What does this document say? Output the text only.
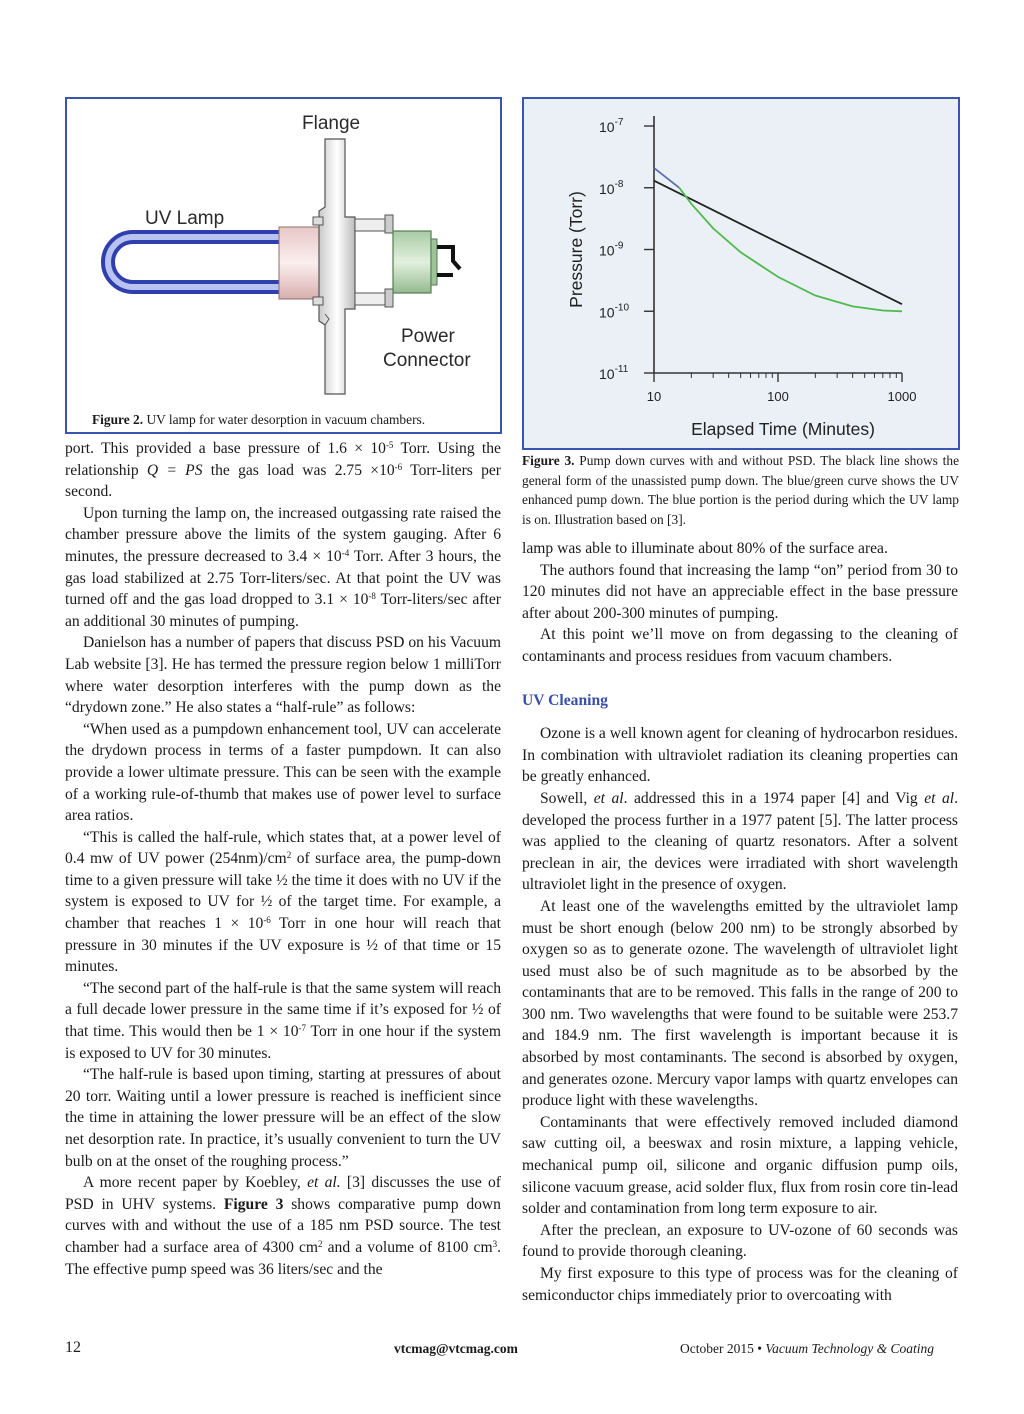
Flange
UV Lamp
Power
Connector
Figure 2. UV lamp for water desorption in vacuum chambers.
10	100	1000
$10^{-7}$
$10^{-8}$
$10^{-9}$
$10^{-10}$
$10^{-11}$
Elapsed Time (Minutes)
Pressure (Torr)
Figure 3. Pump down curves with and without PSD. The black line shows the general form of the unassisted pump down. The blue/green curve shows the UV enhanced pump down. The blue portion is the period during which the UV lamp is on. Illustration based on [3].

port. This provided a base pressure of $1.6 \times 10^{-5}$ Torr. Using the relationship Q = PS the gas load was $2.75 \times 10^{-6}$ Torr-liters per second.

Upon turning the lamp on, the increased outgassing rate raised the chamber pressure above the limits of the system gauging. After 6 minutes, the pressure decreased to $3.4 \times 10^{-4}$ Torr. After 3 hours, the gas load stabilized at 2.75 Torr-liters/sec. At that point the UV was turned off and the gas load dropped to $3.1 \times 10^{-8}$ Torr-liters/sec after an additional 30 minutes of pumping.

Danielson has a number of papers that discuss PSD on his Vacuum Lab website [3]. He has termed the pressure region below 1 milliTorr where water desorption interferes with the pump down as the “drydown zone.” He also states a “half-rule” as follows:

“When used as a pumpdown enhancement tool, UV can accelerate the drydown process in terms of a faster pumpdown. It can also provide a lower ultimate pressure. This can be seen with the example of a working rule-of-thumb that makes use of power level to surface area ratios.

“This is called the half-rule, which states that, at a power level of 0.4 mw of UV power $(254nm)/cm^2$ of surface area, the pump-down time to a given pressure will take ½ the time it does with no UV if the system is exposed to UV for ½ of the target time. For example, a chamber that reaches $1 \times 10^{-6}$ Torr in one hour will reach that pressure in 30 minutes if the UV exposure is ½ of that time or 15 minutes.

“The second part of the half-rule is that the same system will reach a full decade lower pressure in the same time if it’s exposed for ½ of that time. This would then be $1 \times 10^{-7}$ Torr in one hour if the system is exposed to UV for 30 minutes.

“The half-rule is based upon timing, starting at pressures of about 20 torr. Waiting until a lower pressure is reached is inefficient since the time in attaining the lower pressure will be an effect of the slow net desorption rate. In practice, it’s usually convenient to turn the UV bulb on at the onset of the roughing process.”

A more recent paper by Koebley, et al. [3] discusses the use of PSD in UHV systems. Figure 3 shows comparative pump down curves with and without the use of a 185 nm PSD source. The test chamber had a surface area of 4300 $cm^2$ and a volume of 8100 $cm^3$. The effective pump speed was 36 liters/sec and the

lamp was able to illuminate about 80% of the surface area.

The authors found that increasing the lamp “on” period from 30 to 120 minutes did not have an appreciable effect in the base pressure after about 200-300 minutes of pumping.

At this point we’ll move on from degassing to the cleaning of contaminants and process residues from vacuum chambers.

UV Cleaning

Ozone is a well known agent for cleaning of hydrocarbon residues. In combination with ultraviolet radiation its cleaning properties can be greatly enhanced.

Sowell, et al. addressed this in a 1974 paper [4] and Vig et al. developed the process further in a 1977 patent [5]. The latter process was applied to the cleaning of quartz resonators. After a solvent preclean in air, the devices were irradiated with short wavelength ultraviolet light in the presence of oxygen.

At least one of the wavelengths emitted by the ultraviolet lamp must be short enough (below 200 nm) to be strongly absorbed by oxygen so as to generate ozone. The wavelength of ultraviolet light used must also be of such magnitude as to be absorbed by the contaminants that are to be removed. This falls in the range of 200 to 300 nm. Two wavelengths that were found to be suitable were 253.7 and 184.9 nm. The first wavelength is important because it is absorbed by most contaminants. The second is absorbed by oxygen, and generates ozone. Mercury vapor lamps with quartz envelopes can produce light with these wavelengths.

Contaminants that were effectively removed included diamond saw cutting oil, a beeswax and rosin mixture, a lapping vehicle, mechanical pump oil, silicone and organic diffusion pump oils, silicone vacuum grease, acid solder flux, flux from rosin core tin-lead solder and contamination from long term exposure to air.

After the preclean, an exposure to UV-ozone of 60 seconds was found to provide thorough cleaning.

My first exposure to this type of process was for the cleaning of semiconductor chips immediately prior to overcoating with

12	vtcmag@vtcmag.com	October 2015 • Vacuum Technology & Coating
